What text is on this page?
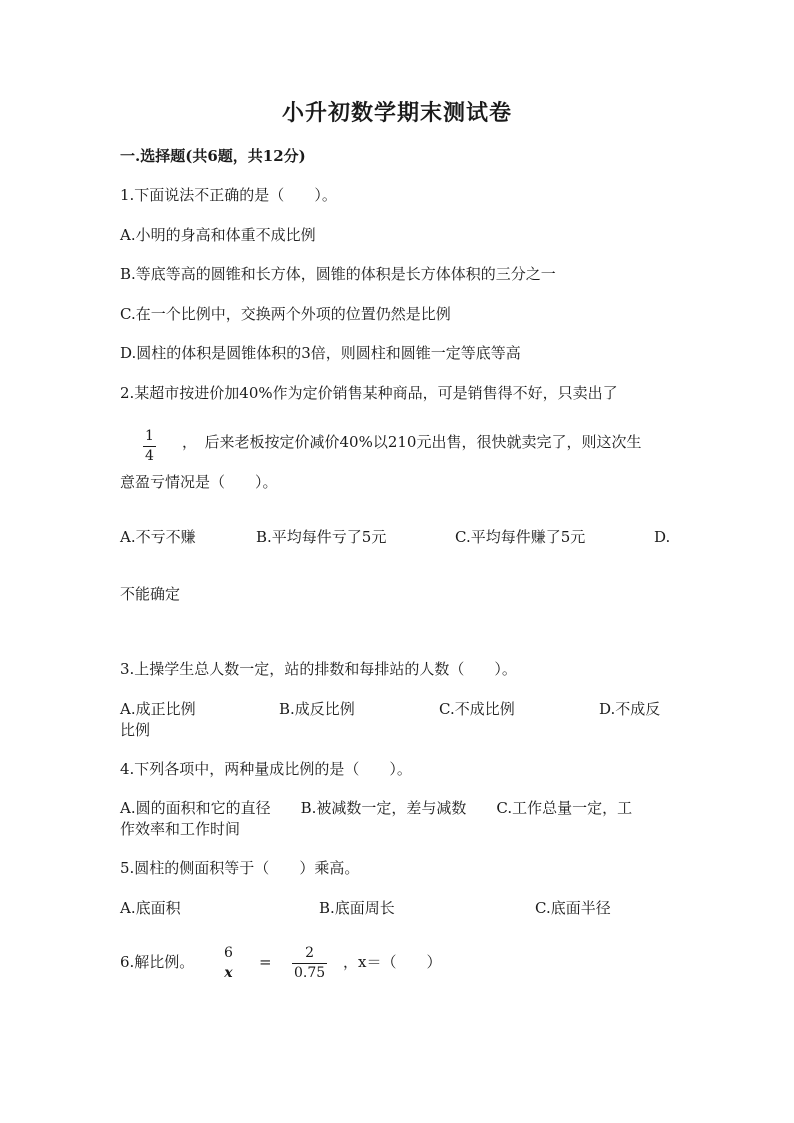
小升初数学期末测试卷
一.选择题(共6题，共12分)
1.下面说法不正确的是（　　）。
A.小明的身高和体重不成比例
B.等底等高的圆锥和长方体，圆锥的体积是长方体体积的三分之一
C.在一个比例中，交换两个外项的位置仍然是比例
D.圆柱的体积是圆锥体积的3倍，则圆柱和圆锥一定等底等高
2.某超市按进价加40%作为定价销售某种商品，可是销售得不好，只卖出了
1
4
，　后来老板按定价减价40%以210元出售，很快就卖完了，则这次生
意盈亏情况是（　　）。
A.不亏不赚	B.平均每件亏了5元	C.平均每件赚了5元	D.
不能确定
3.上操学生总人数一定，站的排数和每排站的人数（　　）。
A.成正比例	B.成反比例	C.不成比例	D.不成反
比例
4.下列各项中，两种量成比例的是（　　）。
A.圆的面积和它的直径　　B.被减数一定，差与减数　　C.工作总量一定，工
作效率和工作时间
5.圆柱的侧面积等于（　　）乘高。
A.底面积	B.底面周长	C.底面半径
6.解比例。 6
x
=	2
0.75
，x＝（　　）
